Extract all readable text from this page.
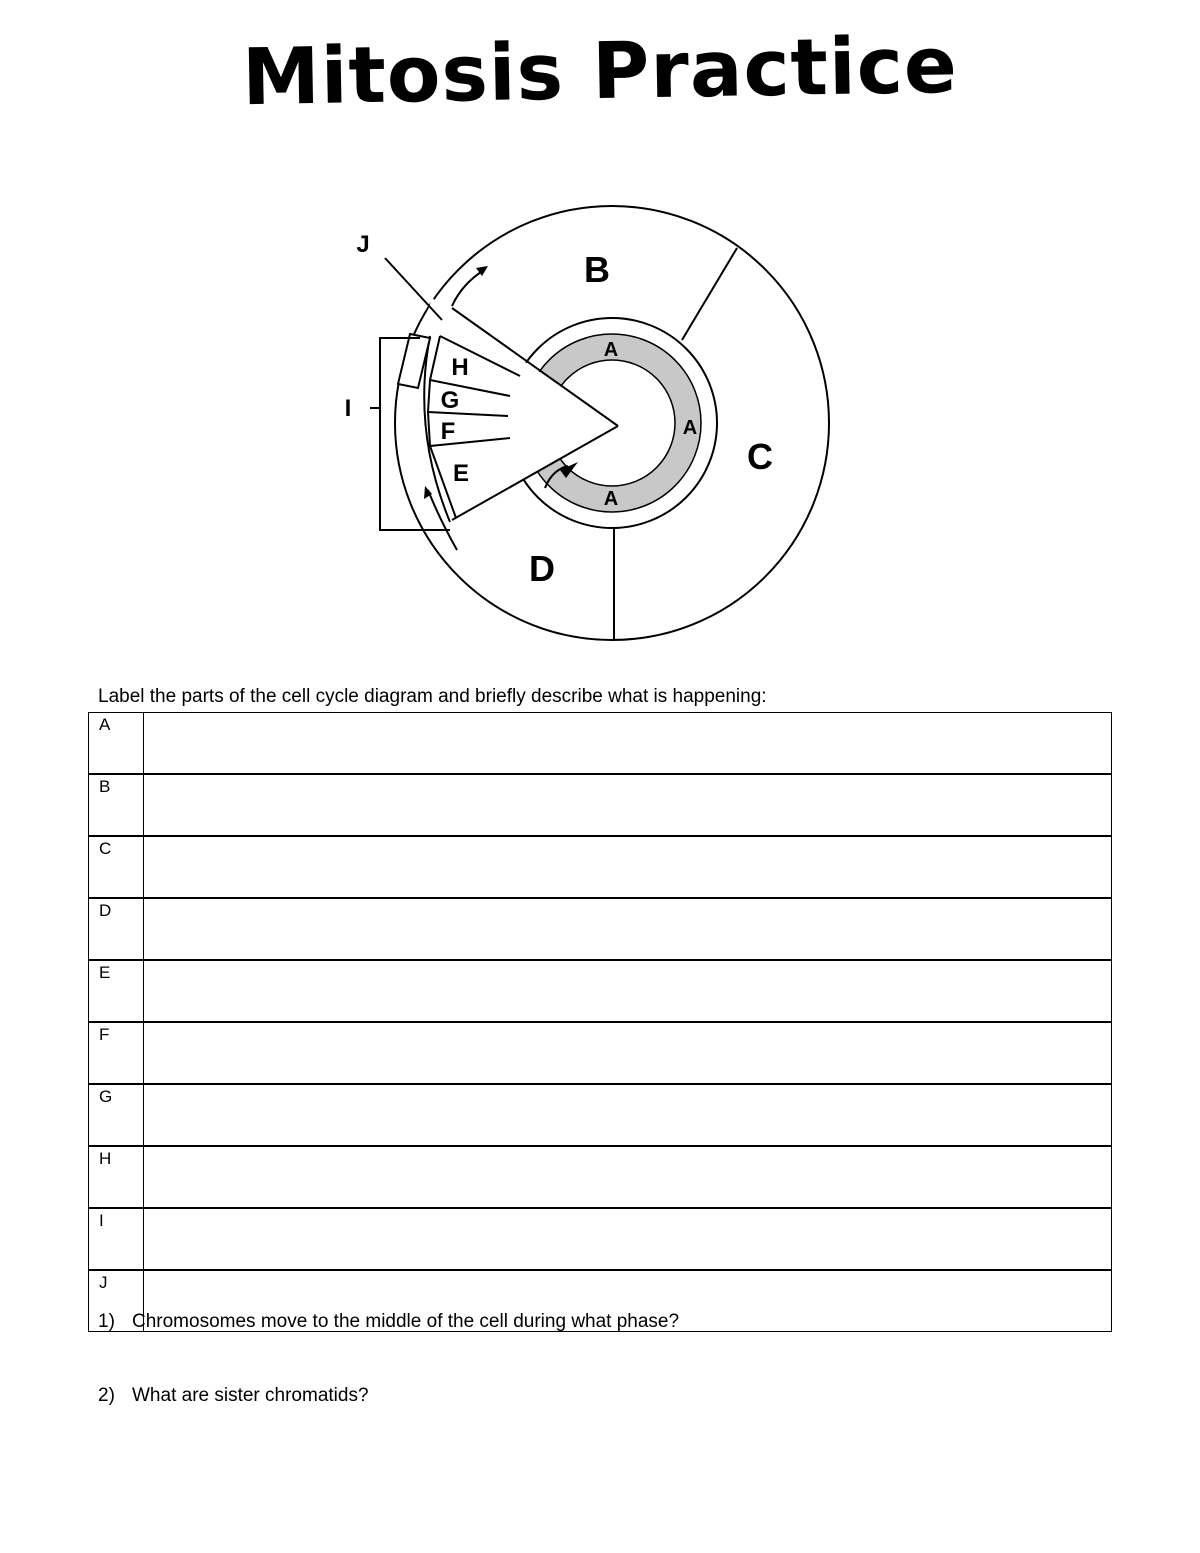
Mitosis Practice
B
C
D
J
I
H
G
F
E
A
A
A
Label the parts of the cell cycle diagram and briefly describe what is happening:
A	
B	
C	
D	
E	
F	
G	
H	
I	
J	
1) Chromosomes move to the middle of the cell during what phase?
2) What are sister chromatids?
